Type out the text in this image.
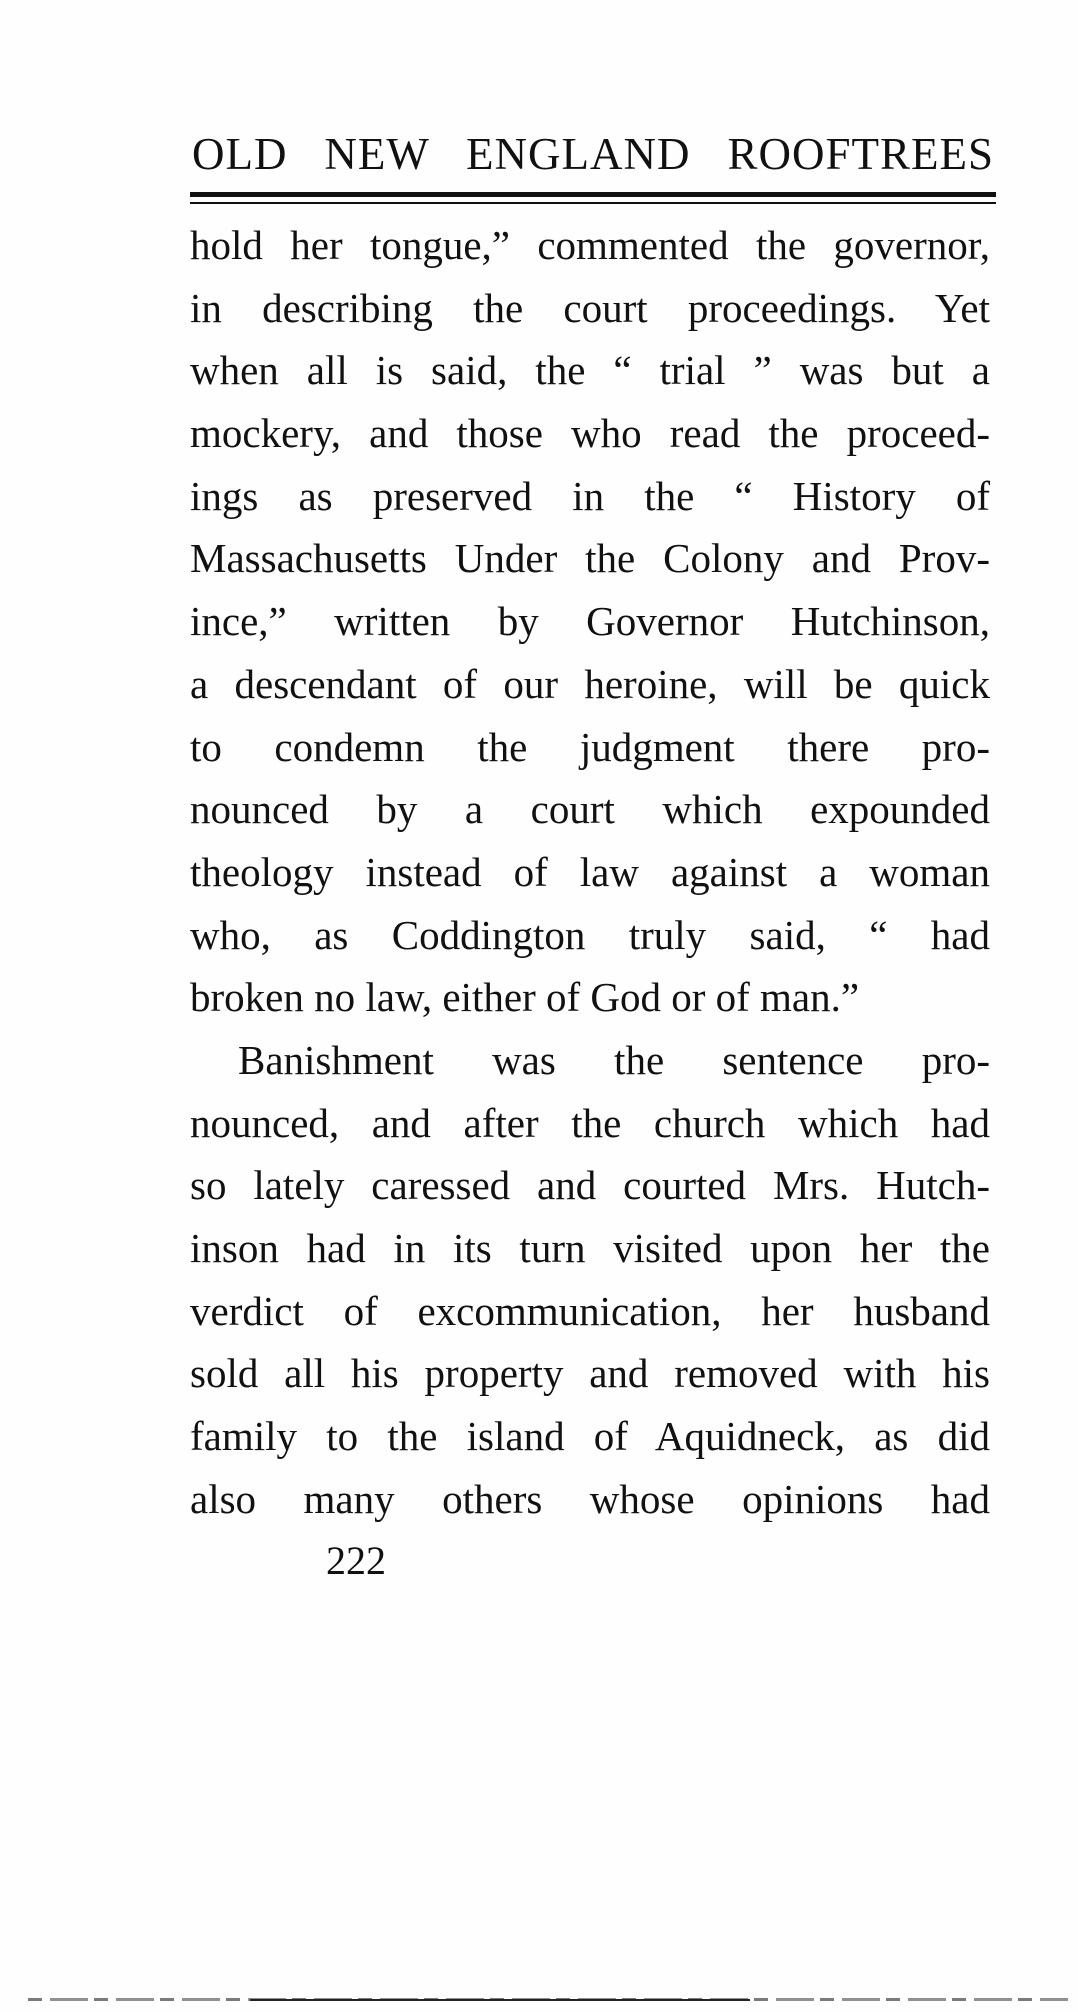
OLD NEW ENGLAND ROOFTREES
hold her tongue,” commented the governor,
in describing the court proceedings. Yet
when all is said, the “ trial ” was but a
mockery, and those who read the proceed-
ings as preserved in the “ History of
Massachusetts Under the Colony and Prov-
ince,” written by Governor Hutchinson,
a descendant of our heroine, will be quick
to condemn the judgment there pro-
nounced by a court which expounded
theology instead of law against a woman
who, as Coddington truly said, “ had
broken no law, either of God or of man.”
Banishment was the sentence pro-
nounced, and after the church which had
so lately caressed and courted Mrs. Hutch-
inson had in its turn visited upon her the
verdict of excommunication, her husband
sold all his property and removed with his
family to the island of Aquidneck, as did
also many others whose opinions had
222
